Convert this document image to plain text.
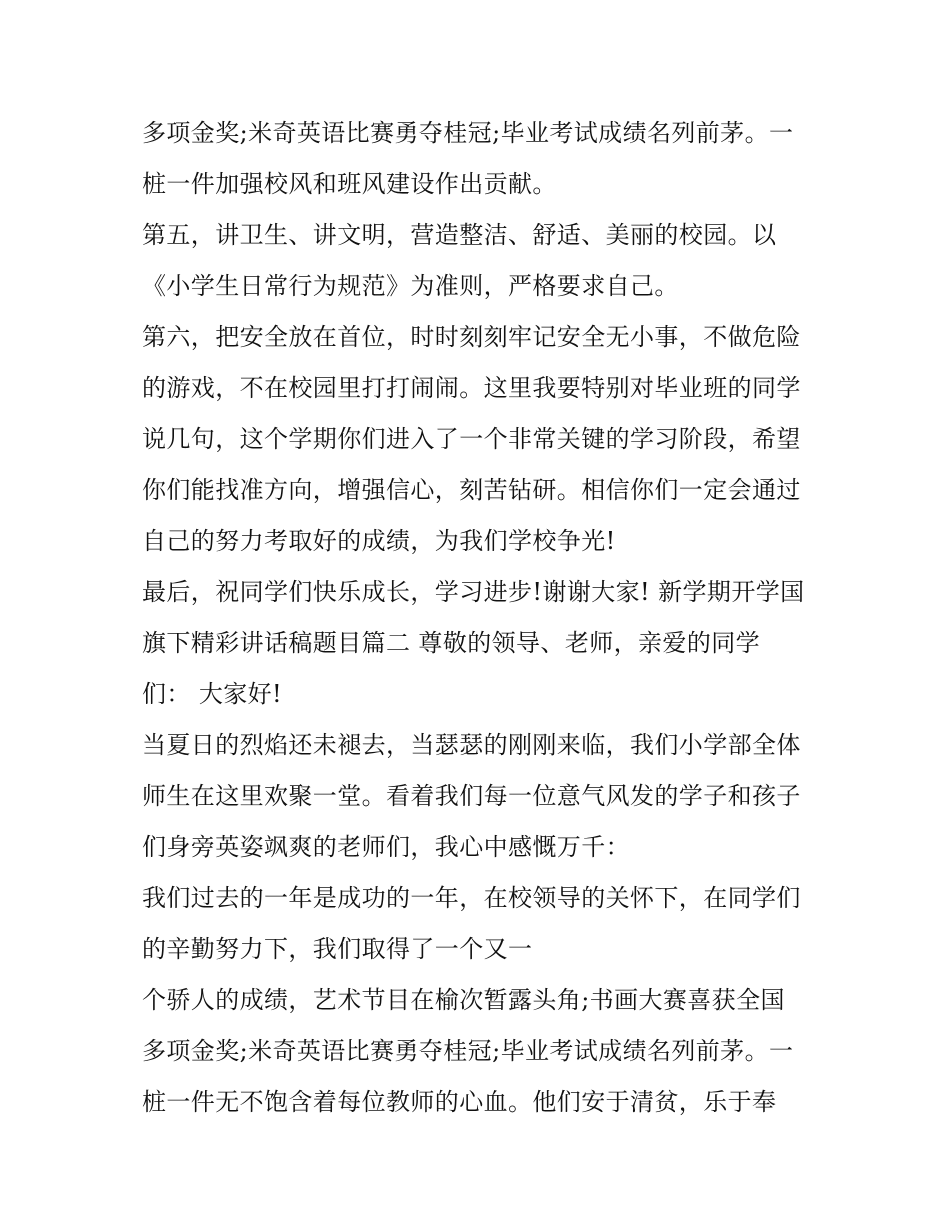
多项金奖;米奇英语比赛勇夺桂冠;毕业考试成绩名列前茅。一
桩一件加强校风和班风建设作出贡献。
第五，讲卫生、讲文明，营造整洁、舒适、美丽的校园。以
《小学生日常行为规范》为准则，严格要求自己。
第六，把安全放在首位，时时刻刻牢记安全无小事，不做危险
的游戏，不在校园里打打闹闹。这里我要特别对毕业班的同学
说几句，这个学期你们进入了一个非常关键的学习阶段，希望
你们能找准方向，增强信心，刻苦钻研。相信你们一定会通过
自己的努力考取好的成绩，为我们学校争光!
最后，祝同学们快乐成长，学习进步!谢谢大家! 新学期开学国
旗下精彩讲话稿题目篇二 尊敬的领导、老师，亲爱的同学
们： 大家好!
当夏日的烈焰还未褪去，当瑟瑟的刚刚来临，我们小学部全体
师生在这里欢聚一堂。看着我们每一位意气风发的学子和孩子
们身旁英姿飒爽的老师们，我心中感慨万千：
我们过去的一年是成功的一年，在校领导的关怀下，在同学们
的辛勤努力下，我们取得了一个又一
个骄人的成绩，艺术节目在榆次暂露头角;书画大赛喜获全国
多项金奖;米奇英语比赛勇夺桂冠;毕业考试成绩名列前茅。一
桩一件无不饱含着每位教师的心血。他们安于清贫，乐于奉
